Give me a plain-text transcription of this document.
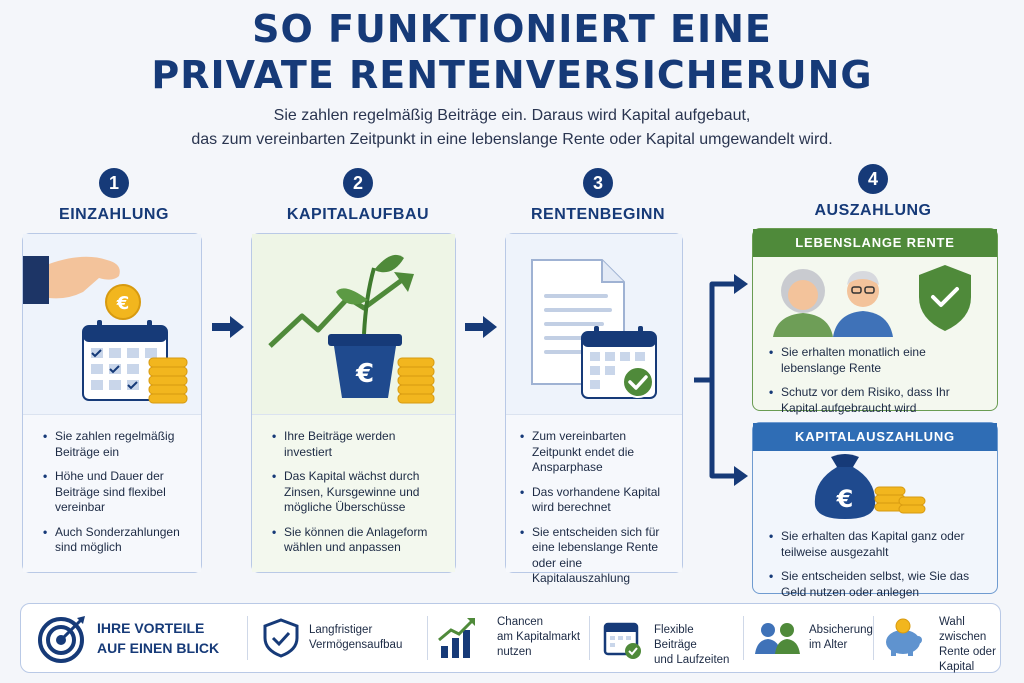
SO FUNKTIONIERT EINE
PRIVATE RENTENVERSICHERUNG
Sie zahlen regelmäßig Beiträge ein. Daraus wird Kapital aufgebaut,
das zum vereinbarten Zeitpunkt in eine lebenslange Rente oder Kapital umgewandelt wird.
1
EINZAHLUNG
2
KAPITALAUFBAU
3
RENTENBEGINN
4
AUSZAHLUNG
€
• Sie zahlen regelmäßig Beiträge ein
• Höhe und Dauer der Beiträge sind flexibel vereinbar
• Auch Sonderzahlungen sind möglich
€
• Ihre Beiträge werden investiert
• Das Kapital wächst durch Zinsen, Kursgewinne und mögliche Überschüsse
• Sie können die Anlageform wählen und anpassen
• Zum vereinbarten Zeitpunkt endet die Ansparphase
• Das vorhandene Kapital wird berechnet
• Sie entscheiden sich für eine lebenslange Rente oder eine Kapitalauszahlung
LEBENSLANGE RENTE
• Sie erhalten monatlich eine lebenslange Rente
• Schutz vor dem Risiko, dass Ihr Kapital aufgebraucht wird
KAPITALAUSZAHLUNG
€
• Sie erhalten das Kapital ganz oder teilweise ausgezahlt
• Sie entscheiden selbst, wie Sie das Geld nutzen oder anlegen
IHRE VORTEILE
AUF EINEN BLICK
Langfristiger
Vermögensaufbau
Chancen
am Kapitalmarkt
nutzen
Flexible Beiträge
und Laufzeiten
Absicherung
im Alter
Wahl zwischen
Rente oder
Kapital
